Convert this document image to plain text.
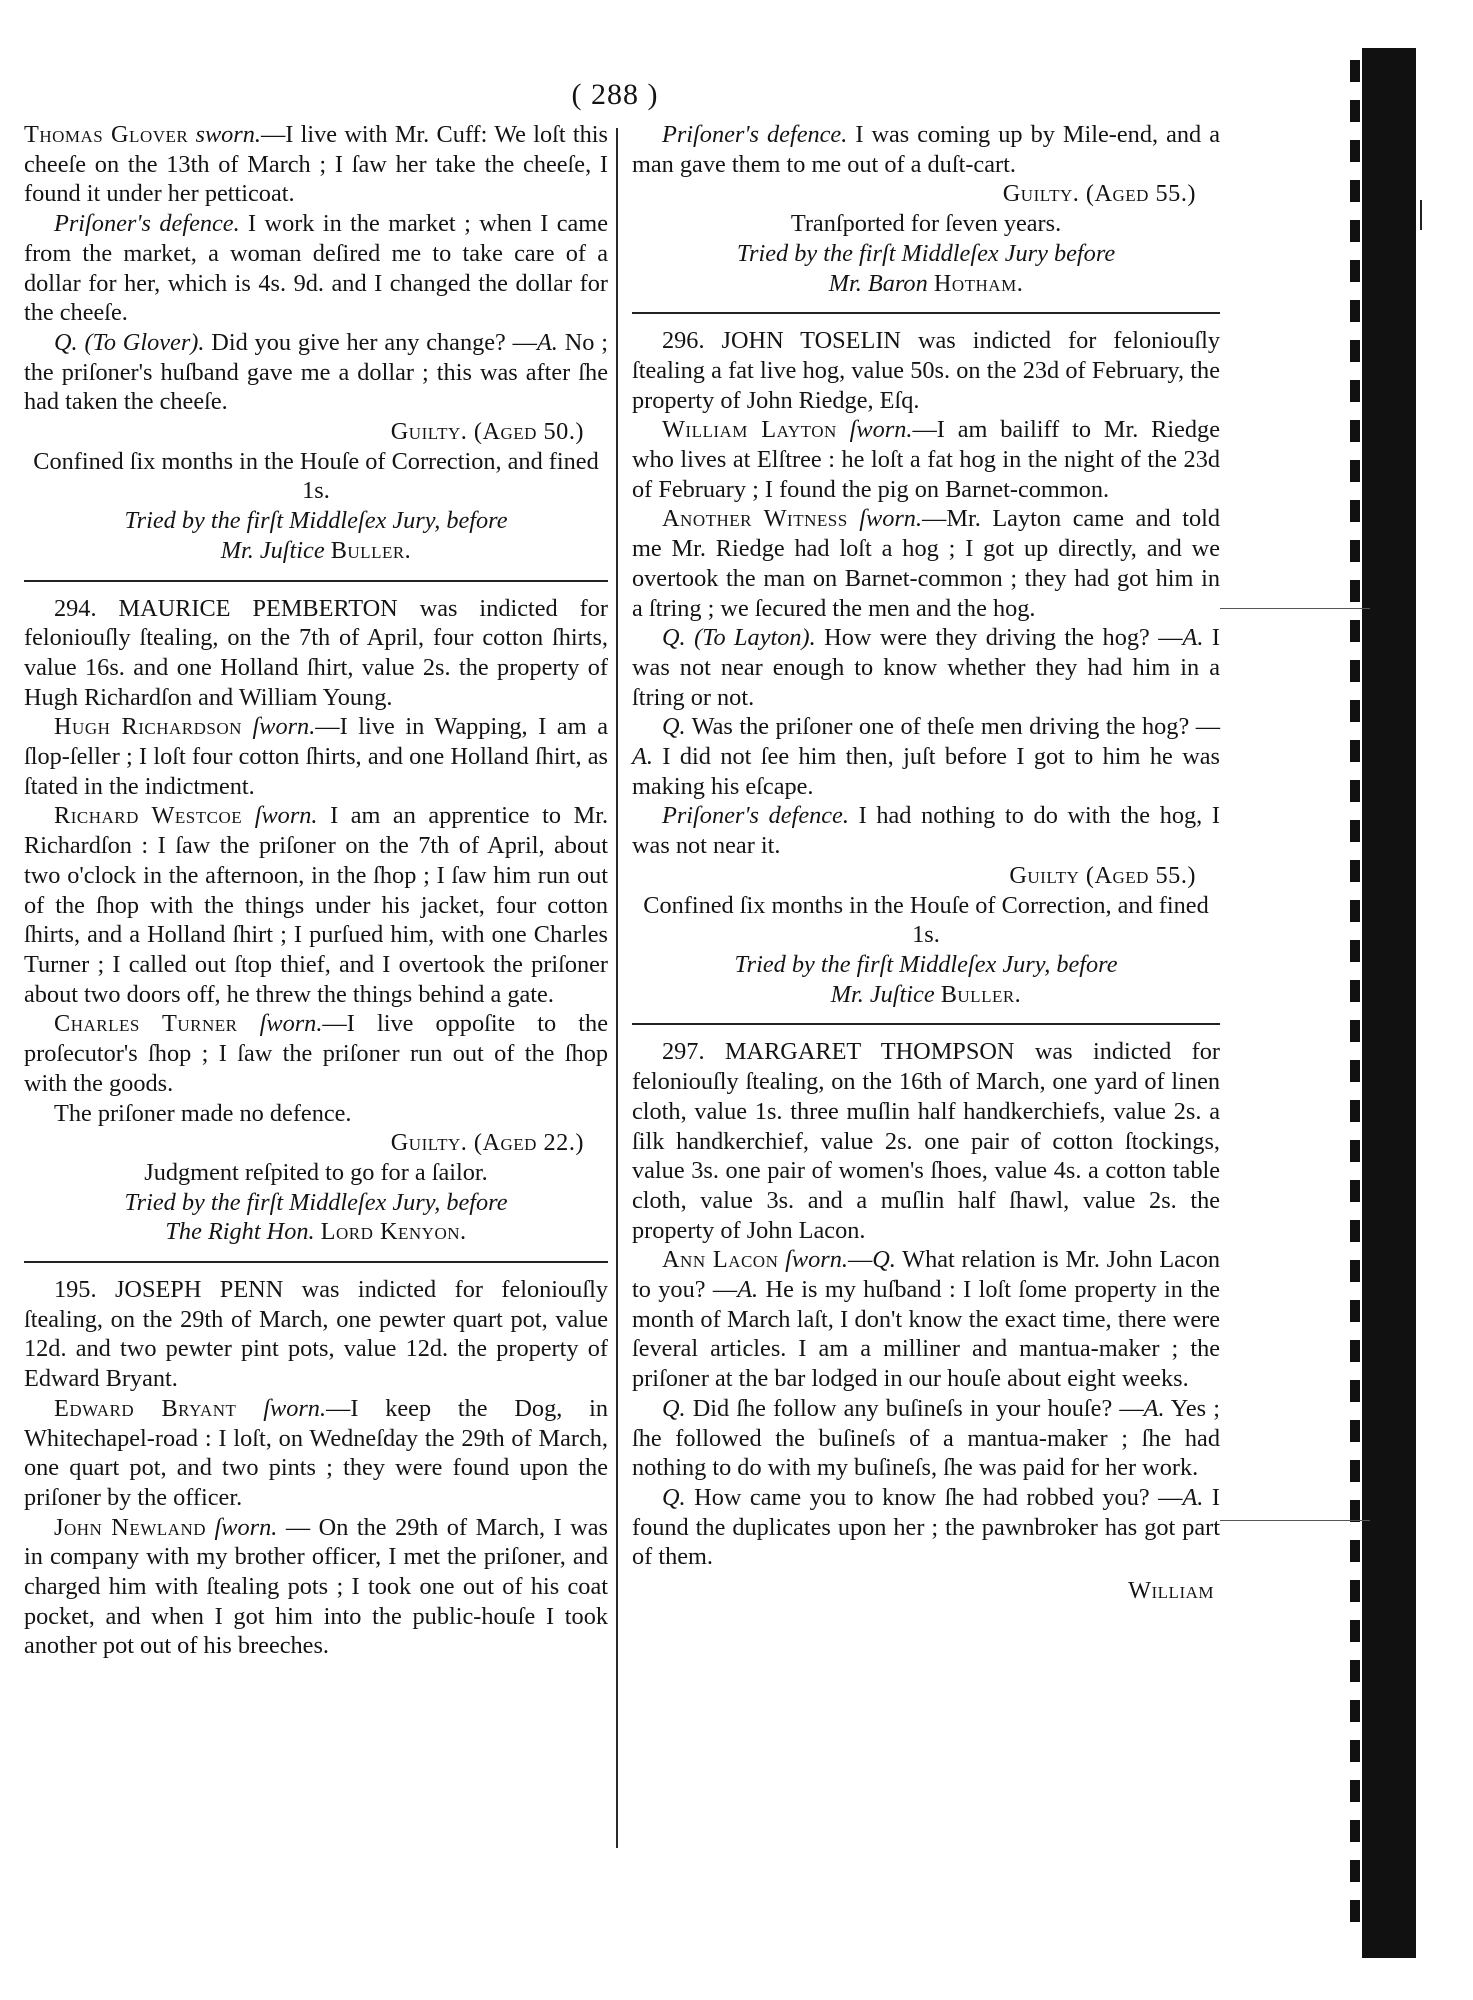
( 288 )

Thomas Glover sworn.—I live with Mr. Cuff: We loſt this cheeſe on the 13th of March ; I ſaw her take the cheeſe, I found it under her petticoat.

Priſoner's defence. I work in the market ; when I came from the market, a woman deſired me to take care of a dollar for her, which is 4s. 9d. and I changed the dollar for the cheeſe.

Q. (To Glover). Did you give her any change? —A. No ; the priſoner's huſband gave me a dollar ; this was after ſhe had taken the cheeſe.

Guilty. (Aged 50.)

Confined ſix months in the Houſe of Correction, and fined 1s.

Tried by the firſt Middleſex Jury, before

Mr. Juſtice Buller.

294. MAURICE PEMBERTON was indicted for feloniouſly ſtealing, on the 7th of April, four cotton ſhirts, value 16s. and one Holland ſhirt, value 2s. the property of Hugh Richardſon and William Young.

Hugh Richardson ſworn.—I live in Wapping, I am a ſlop-ſeller ; I loſt four cotton ſhirts, and one Holland ſhirt, as ſtated in the indictment.

Richard Westcoe ſworn. I am an apprentice to Mr. Richardſon : I ſaw the priſoner on the 7th of April, about two o'clock in the afternoon, in the ſhop ; I ſaw him run out of the ſhop with the things under his jacket, four cotton ſhirts, and a Holland ſhirt ; I purſued him, with one Charles Turner ; I called out ſtop thief, and I overtook the priſoner about two doors off, he threw the things behind a gate.

Charles Turner ſworn.—I live oppoſite to the proſecutor's ſhop ; I ſaw the priſoner run out of the ſhop with the goods.

The priſoner made no defence.

Guilty. (Aged 22.)

Judgment reſpited to go for a ſailor.

Tried by the firſt Middleſex Jury, before

The Right Hon. Lord Kenyon.

195. JOSEPH PENN was indicted for feloniouſly ſtealing, on the 29th of March, one pewter quart pot, value 12d. and two pewter pint pots, value 12d. the property of Edward Bryant.

Edward Bryant ſworn.—I keep the Dog, in Whitechapel-road : I loſt, on Wedneſday the 29th of March, one quart pot, and two pints ; they were found upon the priſoner by the officer.

John Newland ſworn. — On the 29th of March, I was in company with my brother officer, I met the priſoner, and charged him with ſtealing pots ; I took one out of his coat pocket, and when I got him into the public-houſe I took another pot out of his breeches.

Priſoner's defence. I was coming up by Mile-end, and a man gave them to me out of a duſt-cart.

Guilty. (Aged 55.)

Tranſported for ſeven years.

Tried by the firſt Middleſex Jury before

Mr. Baron Hotham.

296. JOHN TOSELIN was indicted for feloniouſly ſtealing a fat live hog, value 50s. on the 23d of February, the property of John Riedge, Eſq.

William Layton ſworn.—I am bailiff to Mr. Riedge who lives at Elſtree : he loſt a fat hog in the night of the 23d of February ; I found the pig on Barnet-common.

Another Witness ſworn.—Mr. Layton came and told me Mr. Riedge had loſt a hog ; I got up directly, and we overtook the man on Barnet-common ; they had got him in a ſtring ; we ſecured the men and the hog.

Q. (To Layton). How were they driving the hog? —A. I was not near enough to know whether they had him in a ſtring or not.

Q. Was the priſoner one of theſe men driving the hog? —A. I did not ſee him then, juſt before I got to him he was making his eſcape.

Priſoner's defence. I had nothing to do with the hog, I was not near it.

Guilty (Aged 55.)

Confined ſix months in the Houſe of Correction, and fined 1s.

Tried by the firſt Middleſex Jury, before

Mr. Juſtice Buller.

297. MARGARET THOMPSON was indicted for feloniouſly ſtealing, on the 16th of March, one yard of linen cloth, value 1s. three muſlin half handkerchiefs, value 2s. a ſilk handkerchief, value 2s. one pair of cotton ſtockings, value 3s. one pair of women's ſhoes, value 4s. a cotton table cloth, value 3s. and a muſlin half ſhawl, value 2s. the property of John Lacon.

Ann Lacon ſworn.—Q. What relation is Mr. John Lacon to you? —A. He is my huſband : I loſt ſome property in the month of March laſt, I don't know the exact time, there were ſeveral articles. I am a milliner and mantua-maker ; the priſoner at the bar lodged in our houſe about eight weeks.

Q. Did ſhe follow any buſineſs in your houſe? —A. Yes ; ſhe followed the buſineſs of a mantua-maker ; ſhe had nothing to do with my buſineſs, ſhe was paid for her work.

Q. How came you to know ſhe had robbed you? —A. I found the duplicates upon her ; the pawnbroker has got part of them.

William
